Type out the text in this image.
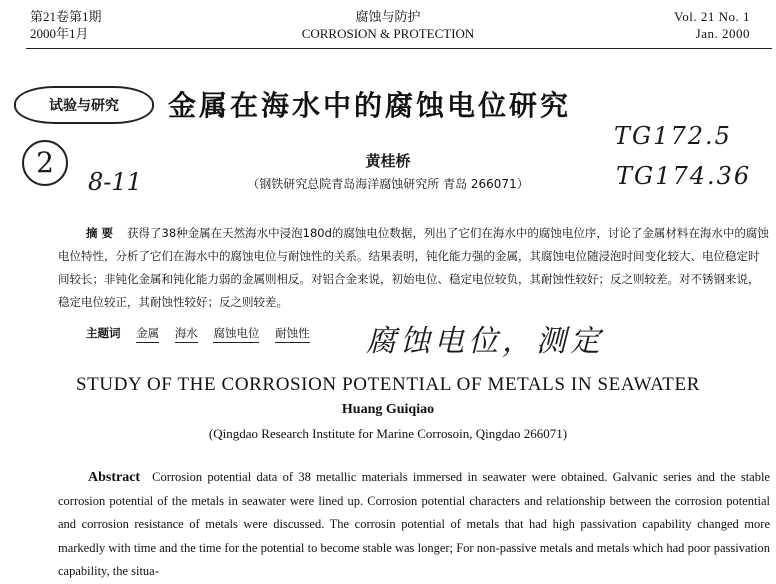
第21卷第1期
2000年1月
腐蚀与防护
CORROSION & PROTECTION
Vol. 21 No. 1
Jan. 2000
试验与研究	金属在海水中的腐蚀电位研究
2
8-11
TG172.5
TG174.36
黄桂桥
（钢铁研究总院青岛海洋腐蚀研究所 青岛 266071）
摘 要 获得了38种金属在天然海水中浸泡180d的腐蚀电位数据，列出了它们在海水中的腐蚀电位序，讨论了金属材料在海水中的腐蚀电位特性，分析了它们在海水中的腐蚀电位与耐蚀性的关系。结果表明，钝化能力强的金属，其腐蚀电位随浸泡时间变化较大、电位稳定时间较长；非钝化金属和钝化能力弱的金属则相反。对铝合金来说，初始电位、稳定电位较负，其耐蚀性较好；反之则较差。对不锈钢来说，稳定电位较正，其耐蚀性较好；反之则较差。
主题词 金属 海水 腐蚀电位 耐蚀性	腐蚀电位，测定
STUDY OF THE CORROSION POTENTIAL OF METALS IN SEAWATER
Huang Guiqiao
(Qingdao Research Institute for Marine Corrosoin, Qingdao 266071)
Abstract Corrosion potential data of 38 metallic materials immersed in seawater were obtained. Galvanic series and the stable corrosion potential of the metals in seawater were lined up. Corrosion potential characters and relationship between the corrosion potential and corrosion resistance of metals were discussed. The corrosin potential of metals that had high passivation capability changed more markedly with time and the time for the potential to become stable was longer; For non-passive metals and metals which had poor passivation capability, the situa-
